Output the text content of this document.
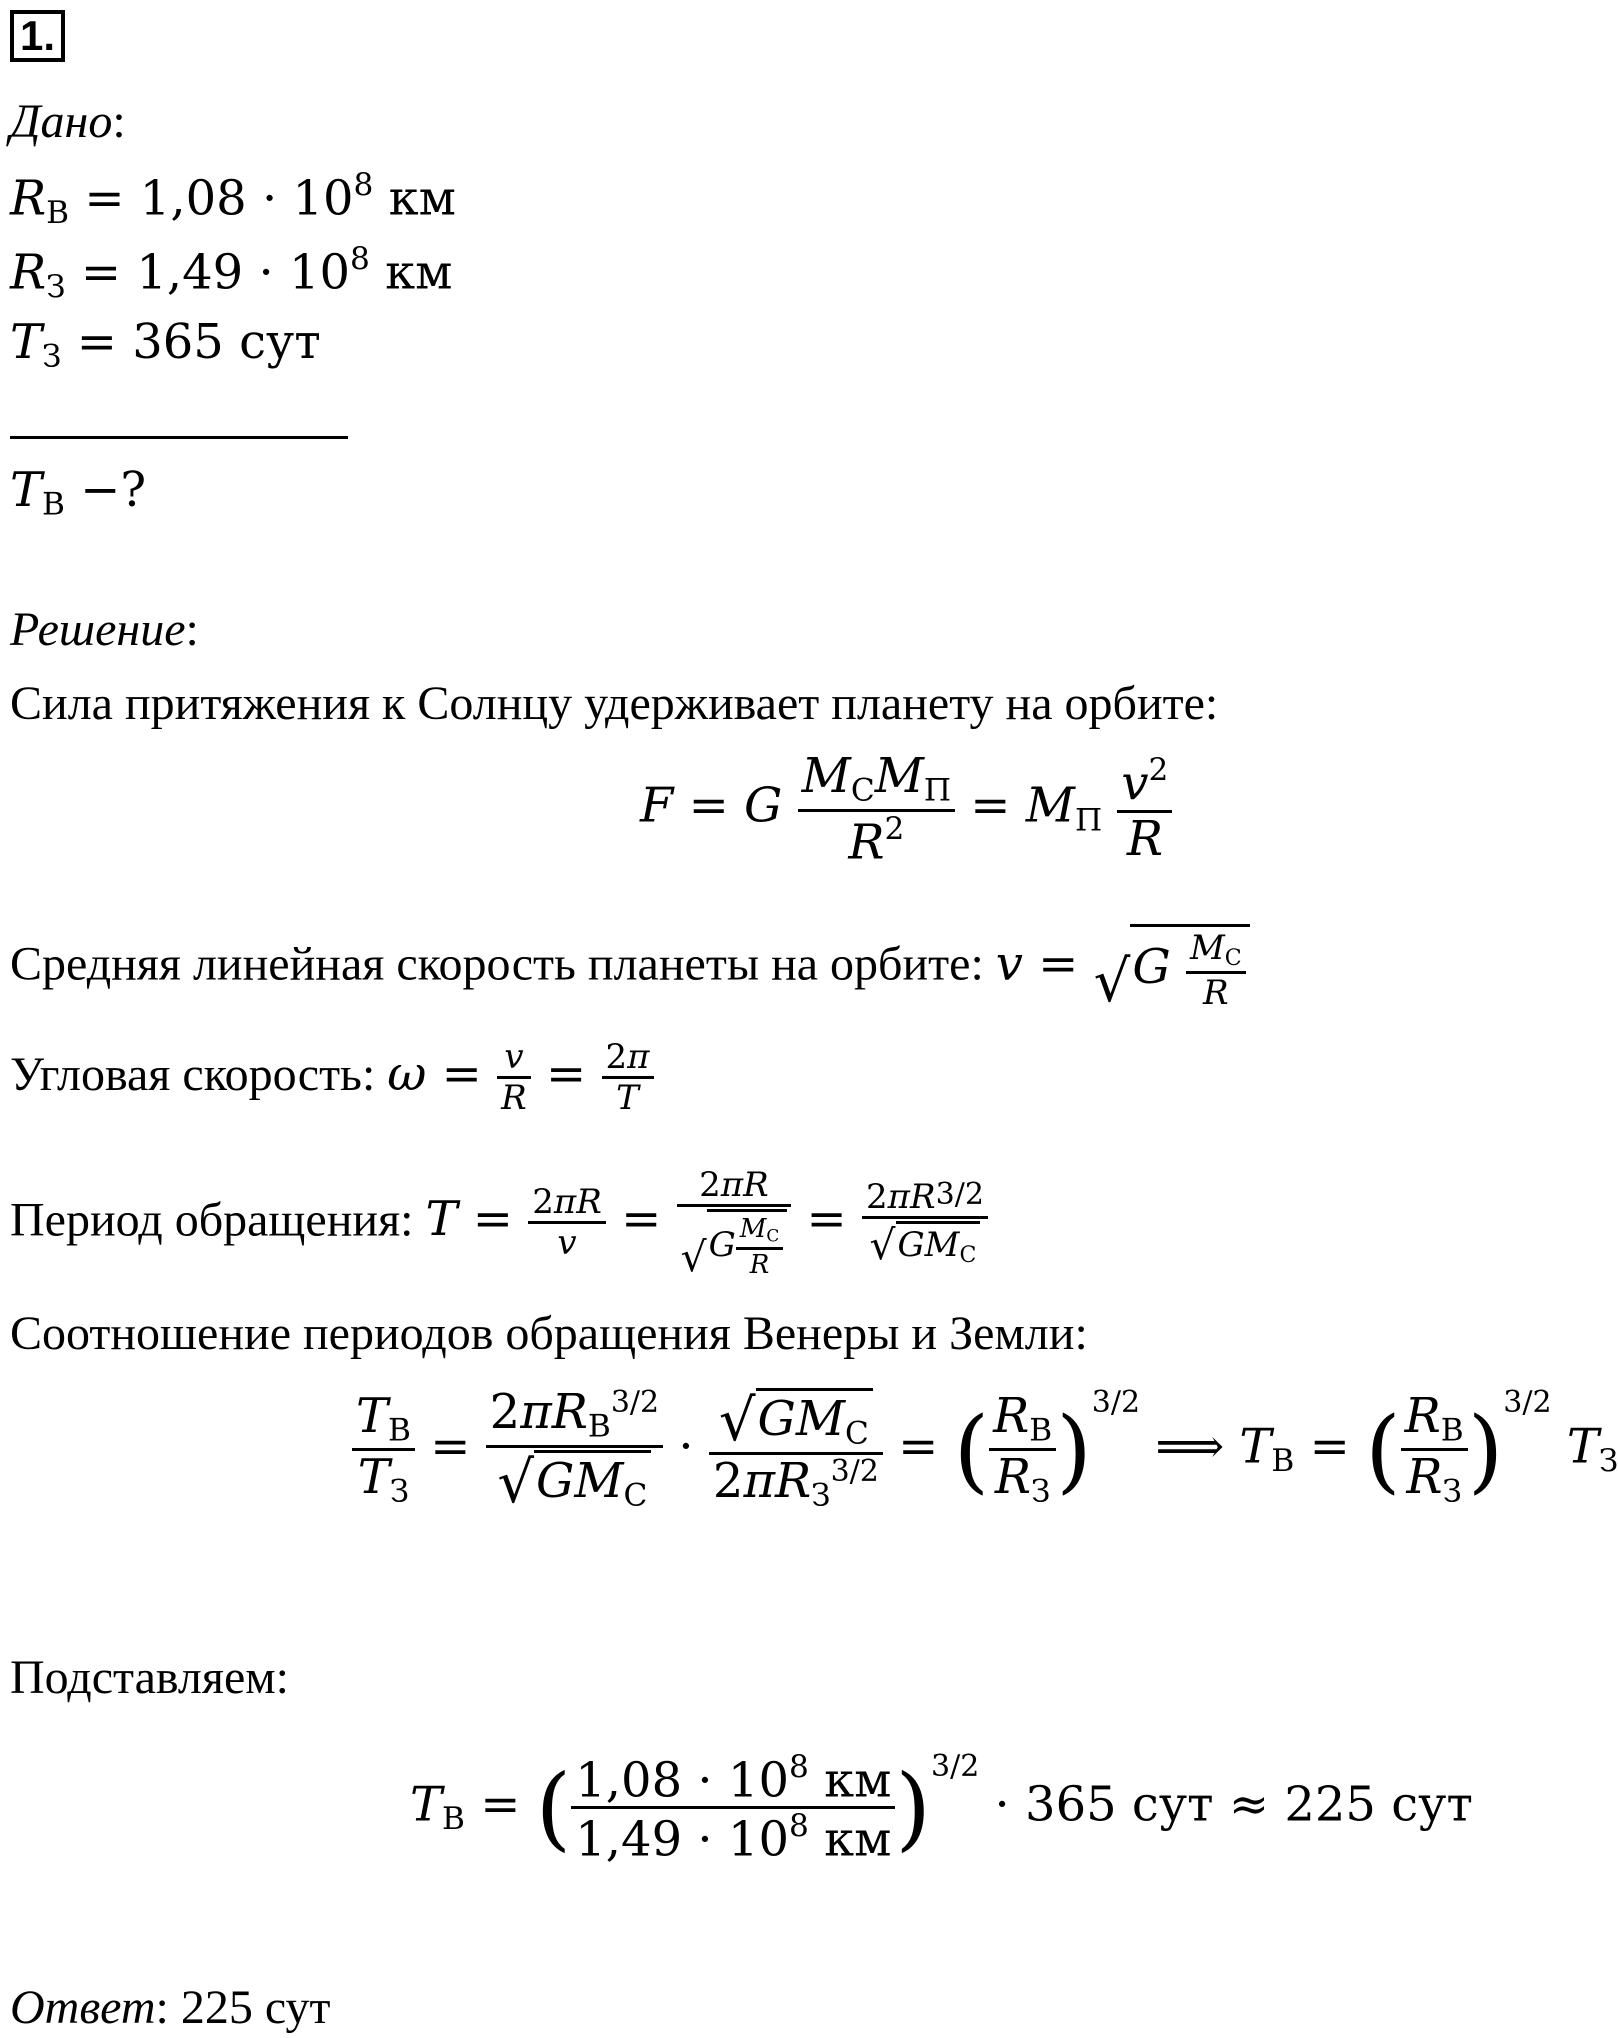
1.
Дано:
$R_В = 1,08 \cdot 10^8$ км
$R_З = 1,49 \cdot 10^8$ км
$T_З = 365$ сут
$T_В$ −?
Решение:
Сила притяжения к Солнцу удерживает планету на орбите:
F = G $\frac{M_СM_П}{R^2} = M_П \frac{v^2}{R}$
Средняя линейная скорость планеты на орбите: $v = √G \frac{M_С}{R}$
Угловая скорость: $\omega = \frac{v}{R} = \frac{2\pi}{T}$
Период обращения: $T = \frac{2\pi R}{v} = \frac{2\pi R}{√G \frac{M_С}{R}} = \frac{2\pi R3/2}{√GM_С}$
Соотношение периодов обращения Венеры и Земли:
$\frac{T_В}{T_З} = \frac{2\pi R_В3/2}{√GM_С} \cdot \frac{√GM_С}{2\pi R_З3/2}$ = ( $\frac{R_В}{R_З} )3/2$ ⟹ $T_В$ = ( $\frac{R_В}{R_З} )3/2$ $T_З$
Подставляем:
$T_В$ = ( $\frac{1,08 \cdot 10^8 км}{1,49 \cdot 10^8 км} )3/2 \cdot 365$ сут ≈ 225 сут
Ответ: 225 сут
